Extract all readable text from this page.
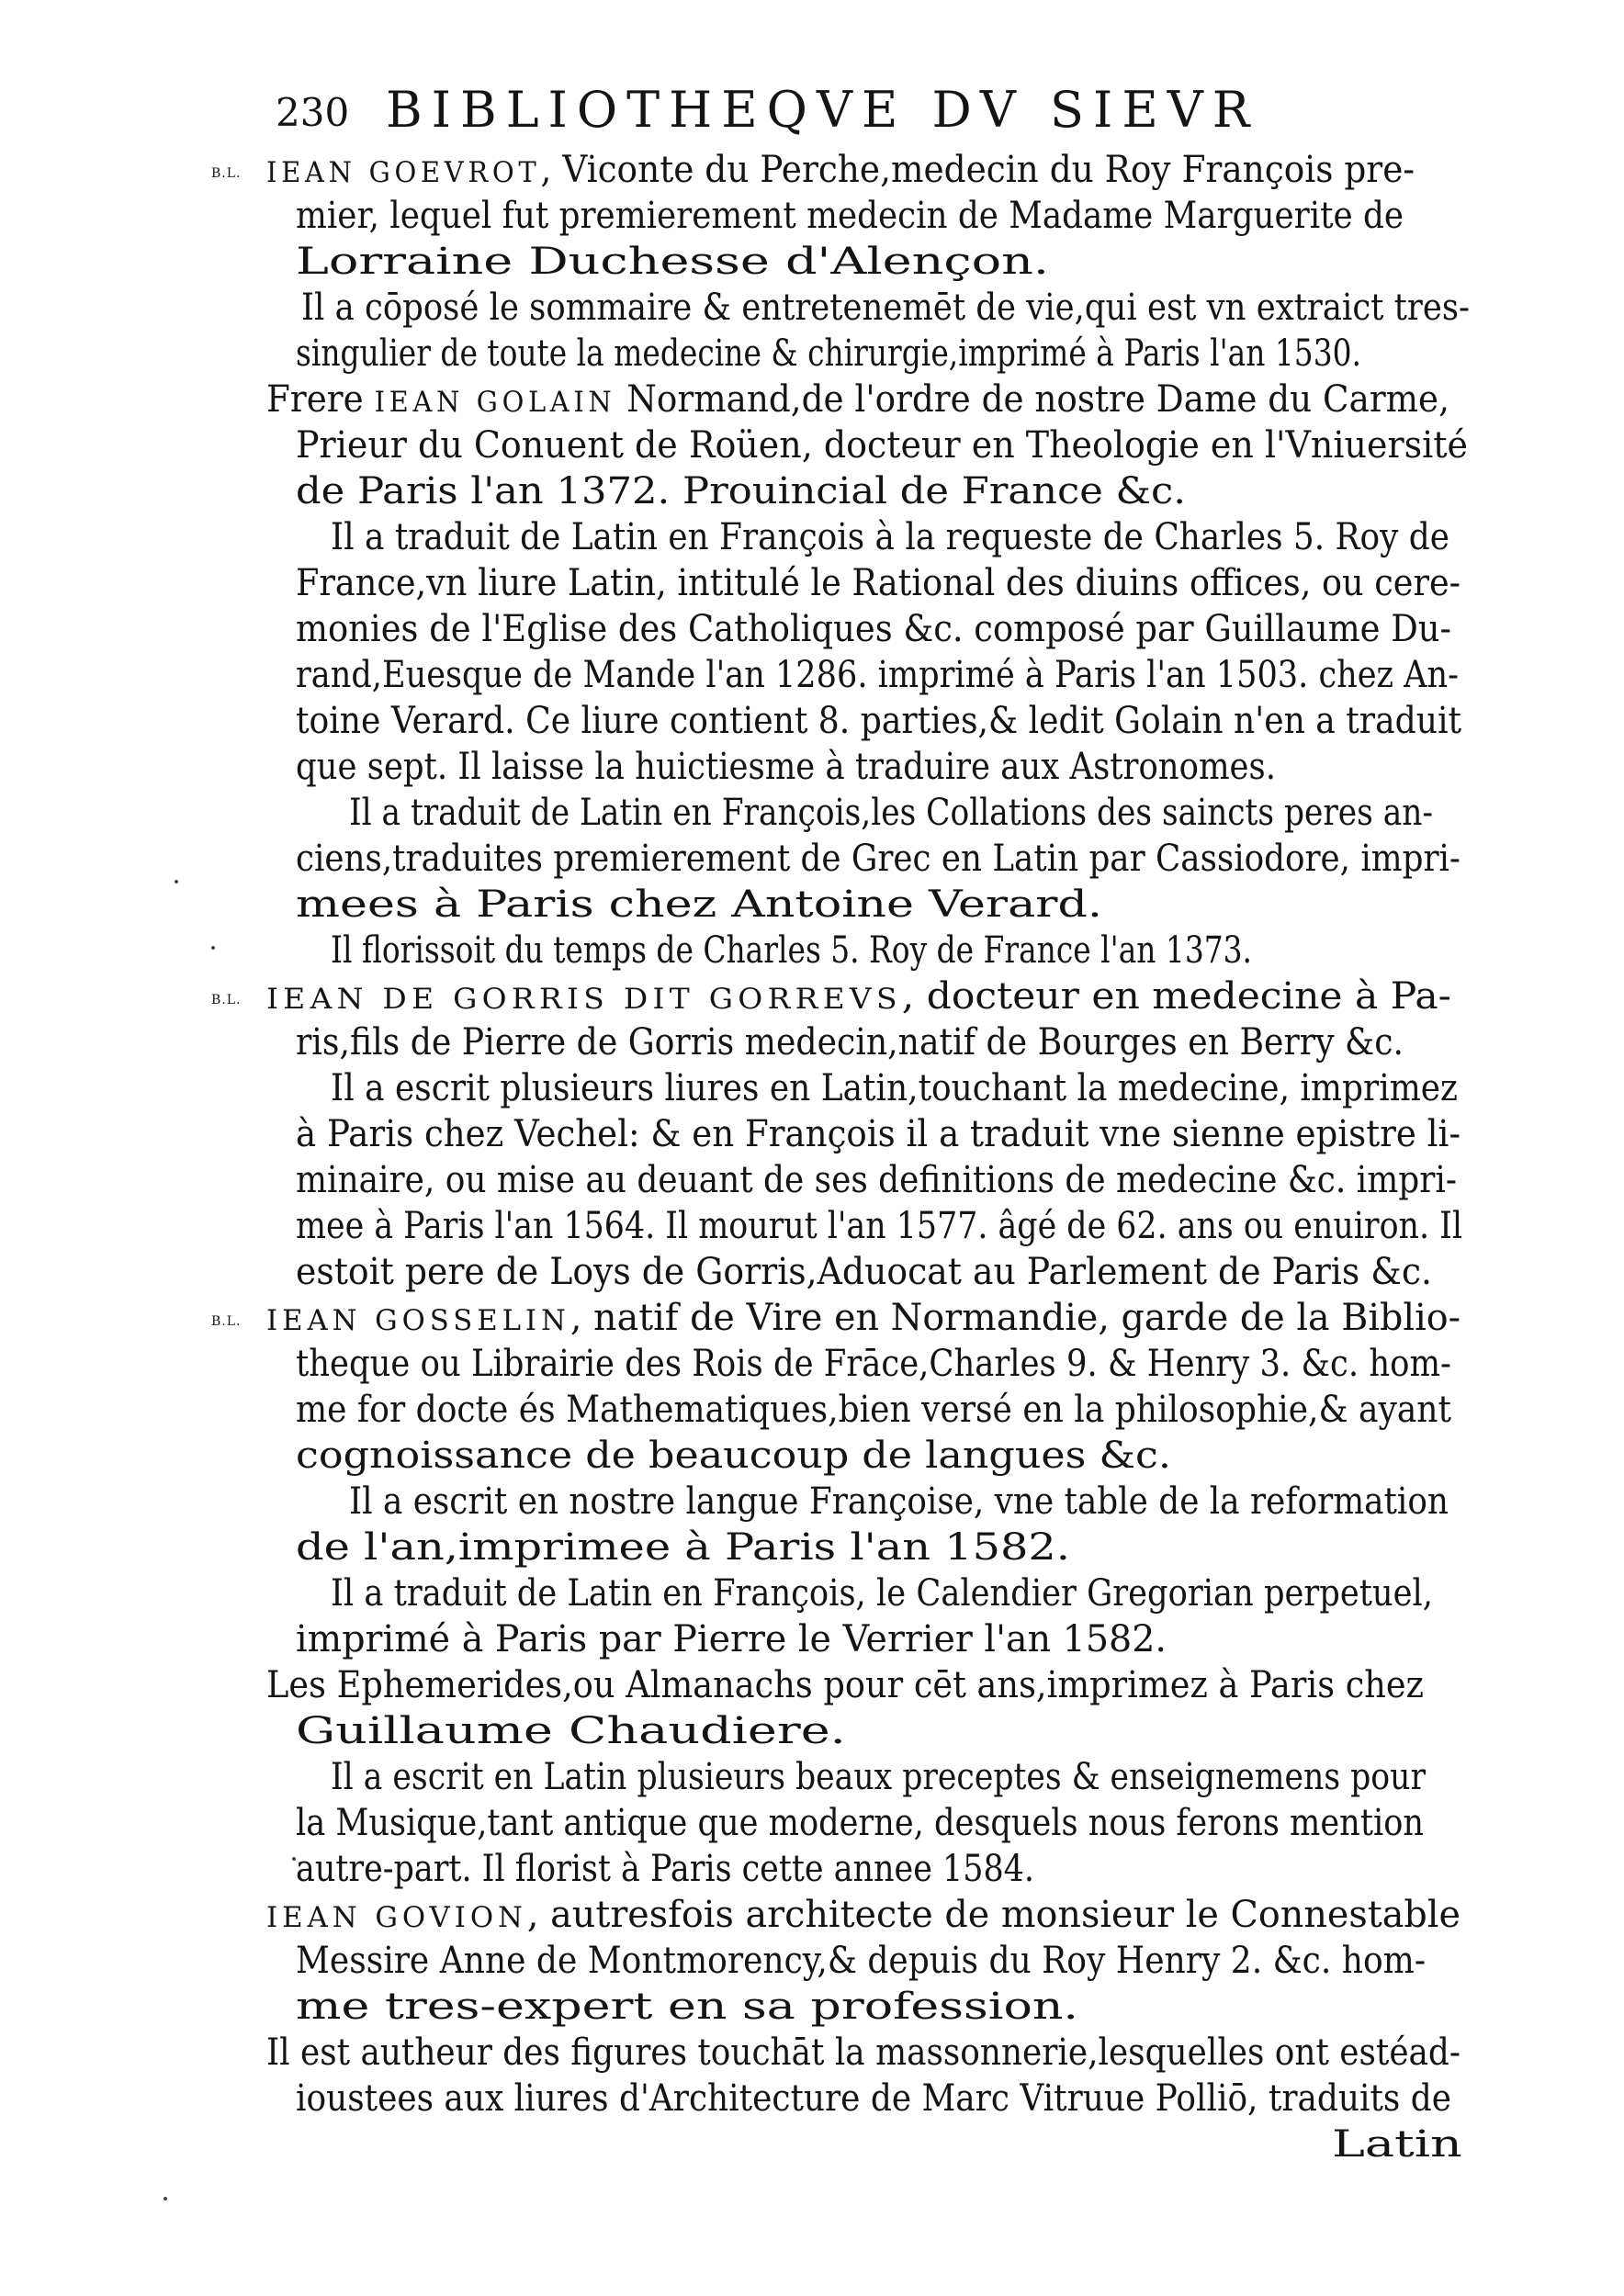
230 BIBLIOTHEQVE DV SIEVR
B.L. IEAN GOEVROT, Viconte du Perche,medecin du Roy François pre-
mier, lequel fut premierement medecin de Madame Marguerite de
Lorraine Duchesse d'Alençon.
Il a cōposé le sommaire & entretenemēt de vie,qui est vn extraict tres-
singulier de toute la medecine & chirurgie,imprimé à Paris l'an 1530.
Frere IEAN GOLAIN Normand,de l'ordre de nostre Dame du Carme,
Prieur du Conuent de Roüen, docteur en Theologie en l'Vniuersité
de Paris l'an 1372. Prouincial de France &c.
Il a traduit de Latin en François à la requeste de Charles 5. Roy de
France,vn liure Latin, intitulé le Rational des diuins offices, ou cere-
monies de l'Eglise des Catholiques &c. composé par Guillaume Du-
rand,Euesque de Mande l'an 1286. imprimé à Paris l'an 1503. chez An-
toine Verard. Ce liure contient 8. parties,& ledit Golain n'en a traduit
que sept. Il laisse la huictiesme à traduire aux Astronomes.
Il a traduit de Latin en François,les Collations des saincts peres an-
ciens,traduites premierement de Grec en Latin par Cassiodore, impri-
mees à Paris chez Antoine Verard.
Il florissoit du temps de Charles 5. Roy de France l'an 1373.
B.L. IEAN DE GORRIS DIT GORREVS, docteur en medecine à Pa-
ris,fils de Pierre de Gorris medecin,natif de Bourges en Berry &c.
Il a escrit plusieurs liures en Latin,touchant la medecine, imprimez
à Paris chez Vechel: & en François il a traduit vne sienne epistre li-
minaire, ou mise au deuant de ses definitions de medecine &c. impri-
mee à Paris l'an 1564. Il mourut l'an 1577. âgé de 62. ans ou enuiron. Il
estoit pere de Loys de Gorris,Aduocat au Parlement de Paris &c.
B.L. IEAN GOSSELIN, natif de Vire en Normandie, garde de la Biblio-
theque ou Librairie des Rois de Frāce,Charles 9. & Henry 3. &c. hom-
me for docte és Mathematiques,bien versé en la philosophie,& ayant
cognoissance de beaucoup de langues &c.
Il a escrit en nostre langue Françoise, vne table de la reformation
de l'an,imprimee à Paris l'an 1582.
Il a traduit de Latin en François, le Calendier Gregorian perpetuel,
imprimé à Paris par Pierre le Verrier l'an 1582.
Les Ephemerides,ou Almanachs pour cēt ans,imprimez à Paris chez
Guillaume Chaudiere.
Il a escrit en Latin plusieurs beaux preceptes & enseignemens pour
la Musique,tant antique que moderne, desquels nous ferons mention
autre-part. Il florist à Paris cette annee 1584.
IEAN GOVION, autresfois architecte de monsieur le Connestable
Messire Anne de Montmorency,& depuis du Roy Henry 2. &c. hom-
me tres-expert en sa profession.
Il est autheur des figures touchāt la massonnerie,lesquelles ont estéad-
ioustees aux liures d'Architecture de Marc Vitruue Polliō, traduits de
Latin
